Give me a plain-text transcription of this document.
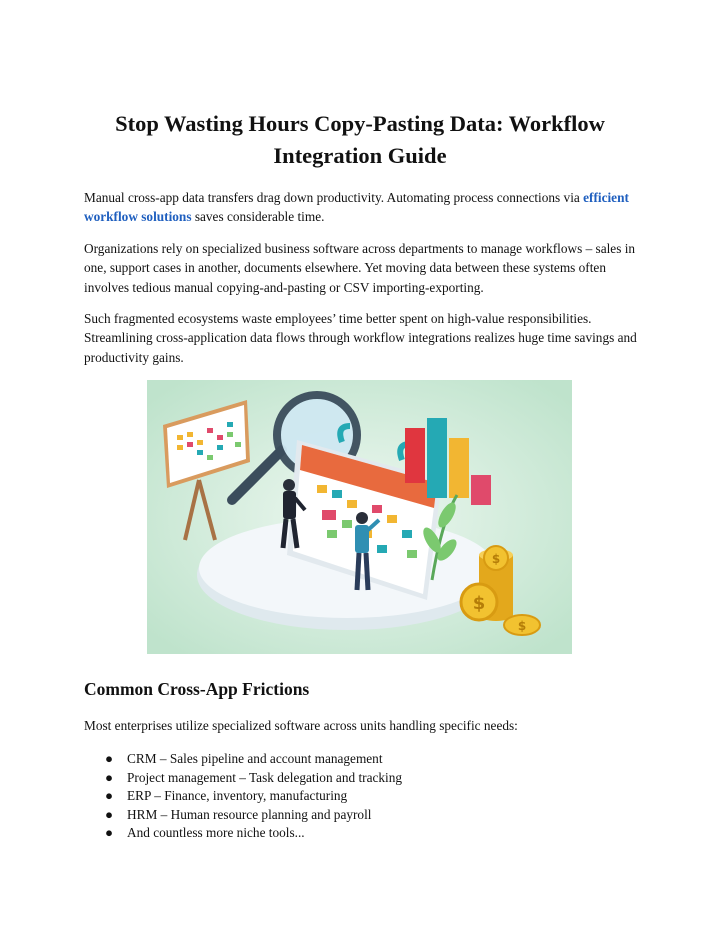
Stop Wasting Hours Copy-Pasting Data: Workflow
Integration Guide

Manual cross-app data transfers drag down productivity. Automating process connections via efficient workflow solutions saves considerable time.

Organizations rely on specialized business software across departments to manage workflows – sales in one, support cases in another, documents elsewhere. Yet moving data between these systems often involves tedious manual copying-and-pasting or CSV importing-exporting.

Such fragmented ecosystems waste employees’ time better spent on high-value responsibilities. Streamlining cross-application data flows through workflow integrations realizes huge time savings and productivity gains.

$
$
$
Common Cross-App Frictions

Most enterprises utilize specialized software across units handling specific needs:

● CRM – Sales pipeline and account management
● Project management – Task delegation and tracking
● ERP – Finance, inventory, manufacturing
● HRM – Human resource planning and payroll
● And countless more niche tools...
